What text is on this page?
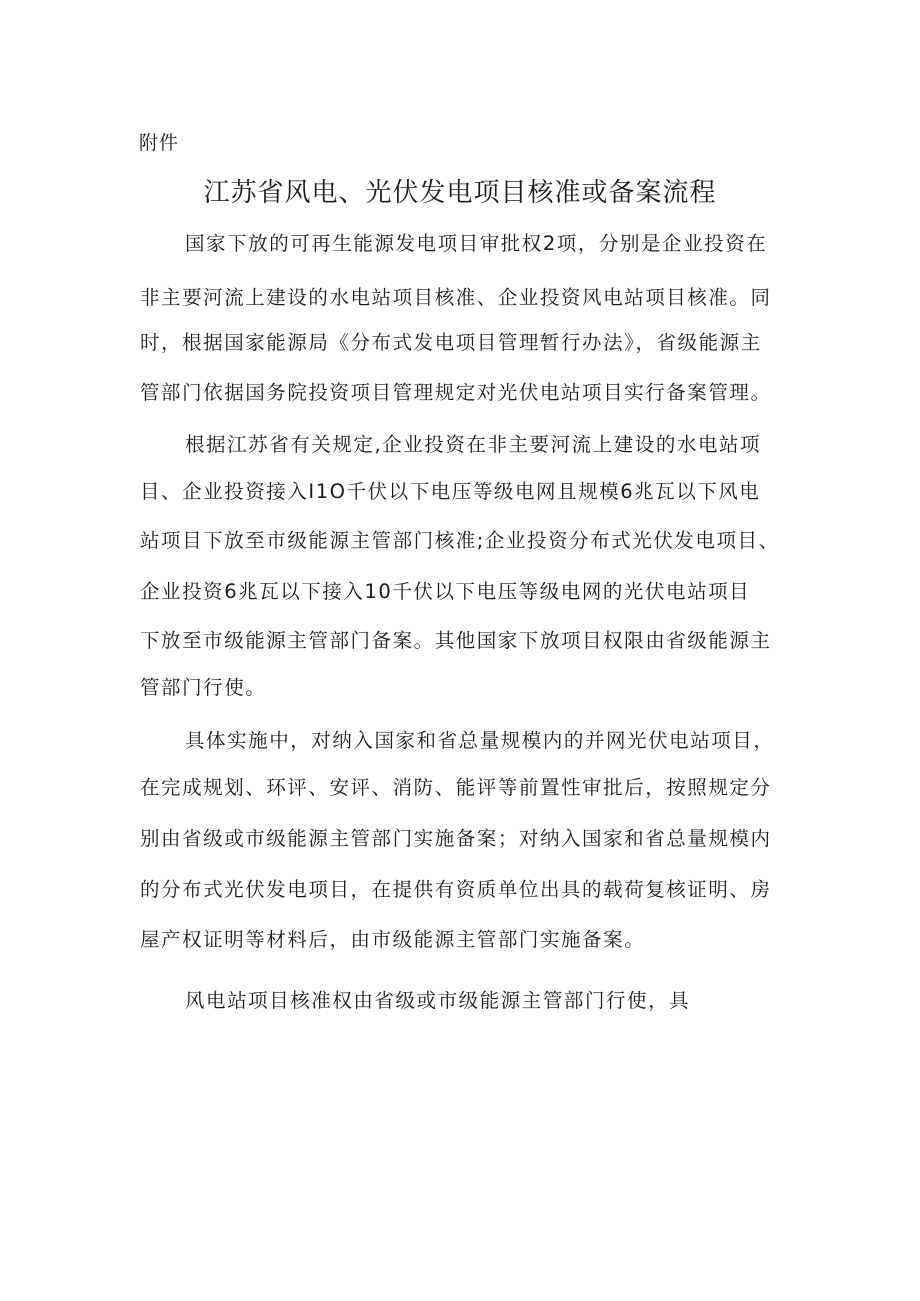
附件
江苏省风电、光伏发电项目核准或备案流程
国家下放的可再生能源发电项目审批权2项，分别是企业投资在
非主要河流上建设的水电站项目核准、企业投资风电站项目核准。同
时，根据国家能源局《分布式发电项目管理暂行办法》，省级能源主
管部门依据国务院投资项目管理规定对光伏电站项目实行备案管理。
根据江苏省有关规定,企业投资在非主要河流上建设的水电站项
目、企业投资接入I1O千伏以下电压等级电网且规模6兆瓦以下风电
站项目下放至市级能源主管部门核准;企业投资分布式光伏发电项目、
企业投资6兆瓦以下接入10千伏以下电压等级电网的光伏电站项目
下放至市级能源主管部门备案。其他国家下放项目权限由省级能源主
管部门行使。
具体实施中，对纳入国家和省总量规模内的并网光伏电站项目，
在完成规划、环评、安评、消防、能评等前置性审批后，按照规定分
别由省级或市级能源主管部门实施备案；对纳入国家和省总量规模内
的分布式光伏发电项目，在提供有资质单位出具的载荷复核证明、房
屋产权证明等材料后，由市级能源主管部门实施备案。
风电站项目核准权由省级或市级能源主管部门行使，具
